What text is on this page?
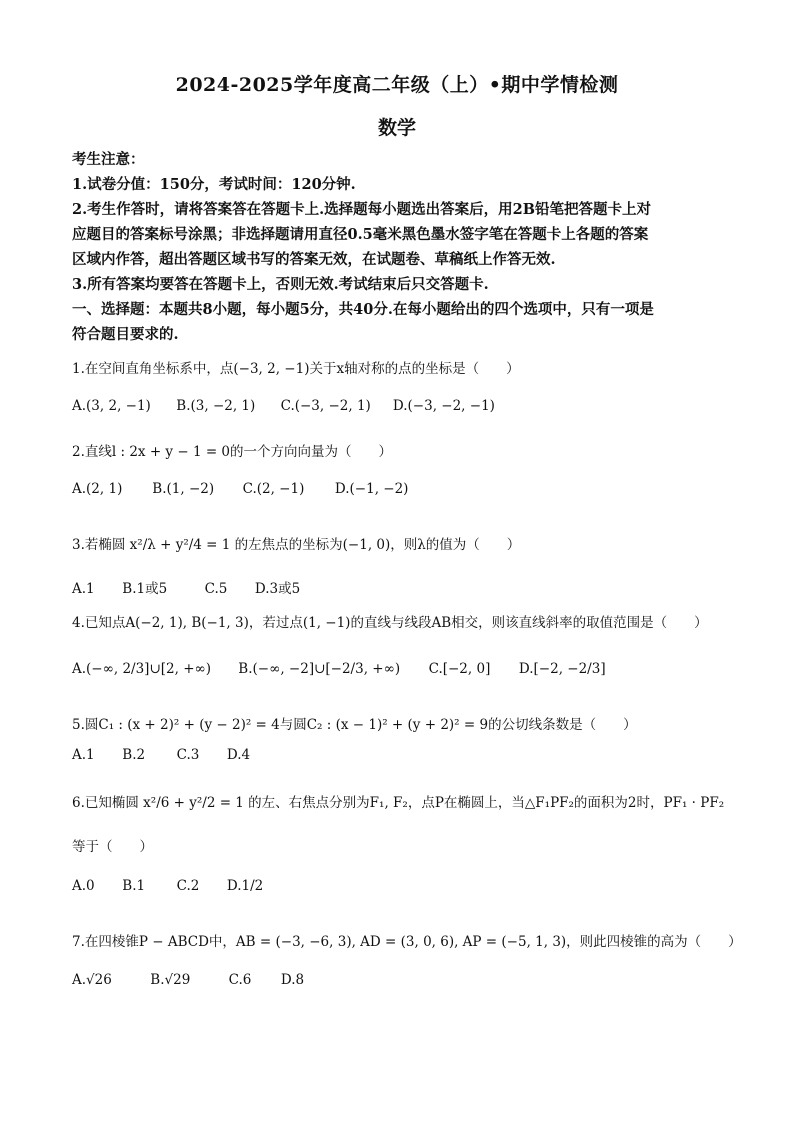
2024-2025学年度高二年级（上）•期中学情检测
数学
考生注意：
1.试卷分值：150分，考试时间：120分钟.
2.考生作答时，请将答案答在答题卡上.选择题每小题选出答案后，用2B铅笔把答题卡上对
应题目的答案标号涂黑；非选择题请用直径0.5毫米黑色墨水签字笔在答题卡上各题的答案
区域内作答，超出答题区域书写的答案无效，在试题卷、草稿纸上作答无效.
3.所有答案均要答在答题卡上，否则无效.考试结束后只交答题卡.
一、选择题：本题共8小题，每小题5分，共40分.在每小题给出的四个选项中，只有一项是
符合题目要求的.
1.在空间直角坐标系中，点(−3, 2, −1)关于x轴对称的点的坐标是（　　）
A.(3, 2, −1) B.(3, −2, 1) C.(−3, −2, 1) D.(−3, −2, −1)
2.直线l : 2x + y − 1 = 0的一个方向向量为（　　）
A.(2, 1) B.(1, −2) C.(2, −1) D.(−1, −2)
3.若椭圆 x²/λ + y²/4 = 1 的左焦点的坐标为(−1, 0)，则λ的值为（　　）
A.1 B.1或5	C.5 D.3或5
4.已知点A(−2, 1), B(−1, 3)，若过点(1, −1)的直线与线段AB相交，则该直线斜率的取值范围是（　　）
A.(−∞, 2/3]∪[2, +∞) B.(−∞, −2]∪[−2/3, +∞) C.[−2, 0] D.[−2, −2/3]
5.圆C₁ : (x + 2)² + (y − 2)² = 4与圆C₂ : (x − 1)² + (y + 2)² = 9的公切线条数是（　　）
A.1 B.2 C.3 D.4
6.已知椭圆 x²/6 + y²/2 = 1 的左、右焦点分别为F₁, F₂，点P在椭圆上，当△F₁PF₂的面积为2时，PF₁ · PF₂
等于（　　）
A.0 B.1 C.2 D.1/2
7.在四棱锥P − ABCD中，AB = (−3, −6, 3), AD = (3, 0, 6), AP = (−5, 1, 3)，则此四棱锥的高为（　　）
A.√26	B.√29	C.6 D.8
